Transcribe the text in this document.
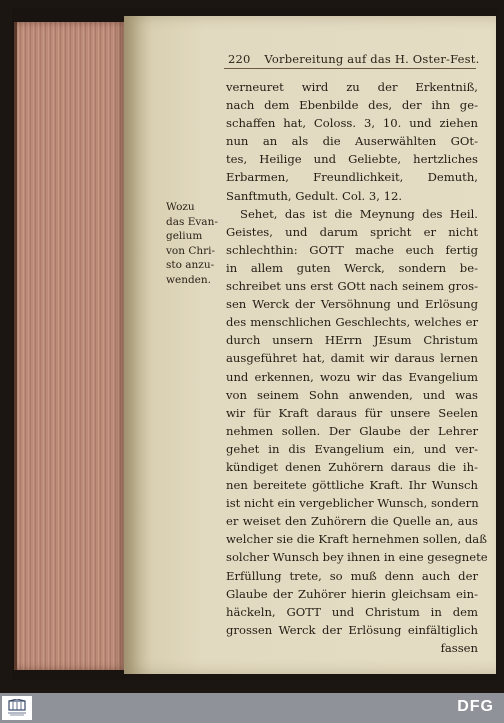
220 Vorbereitung auf das H. Oster-Fest.
Wozu
das Evan-
gelium
von Chri-
sto anzu-
wenden.
verneuret wird zu der Erkentniß,
nach dem Ebenbilde des, der ihn ge-
schaffen hat, Coloss. 3, 10. und ziehen
nun an als die Auserwählten GOt-
tes, Heilige und Geliebte, hertzliches
Erbarmen, Freundlichkeit, Demuth,
Sanftmuth, Gedult. Col. 3, 12.
Sehet, das ist die Meynung des Heil.
Geistes, und darum spricht er nicht
schlechthin: GOTT mache euch fertig
in allem guten Werck, sondern be-
schreibet uns erst GOtt nach seinem gros-
sen Werck der Versöhnung und Erlösung
des menschlichen Geschlechts, welches er
durch unsern HErrn JEsum Christum
ausgeführet hat, damit wir daraus lernen
und erkennen, wozu wir das Evangelium
von seinem Sohn anwenden, und was
wir für Kraft daraus für unsere Seelen
nehmen sollen. Der Glaube der Lehrer
gehet in dis Evangelium ein, und ver-
kündiget denen Zuhörern daraus die ih-
nen bereitete göttliche Kraft. Ihr Wunsch
ist nicht ein vergeblicher Wunsch, sondern
er weiset den Zuhörern die Quelle an, aus
welcher sie die Kraft hernehmen sollen, daß
solcher Wunsch bey ihnen in eine gesegnete
Erfüllung trete, so muß denn auch der
Glaube der Zuhörer hierin gleichsam ein-
häckeln, GOTT und Christum in dem
grossen Werck der Erlösung einfältiglich
fassen
DFG
